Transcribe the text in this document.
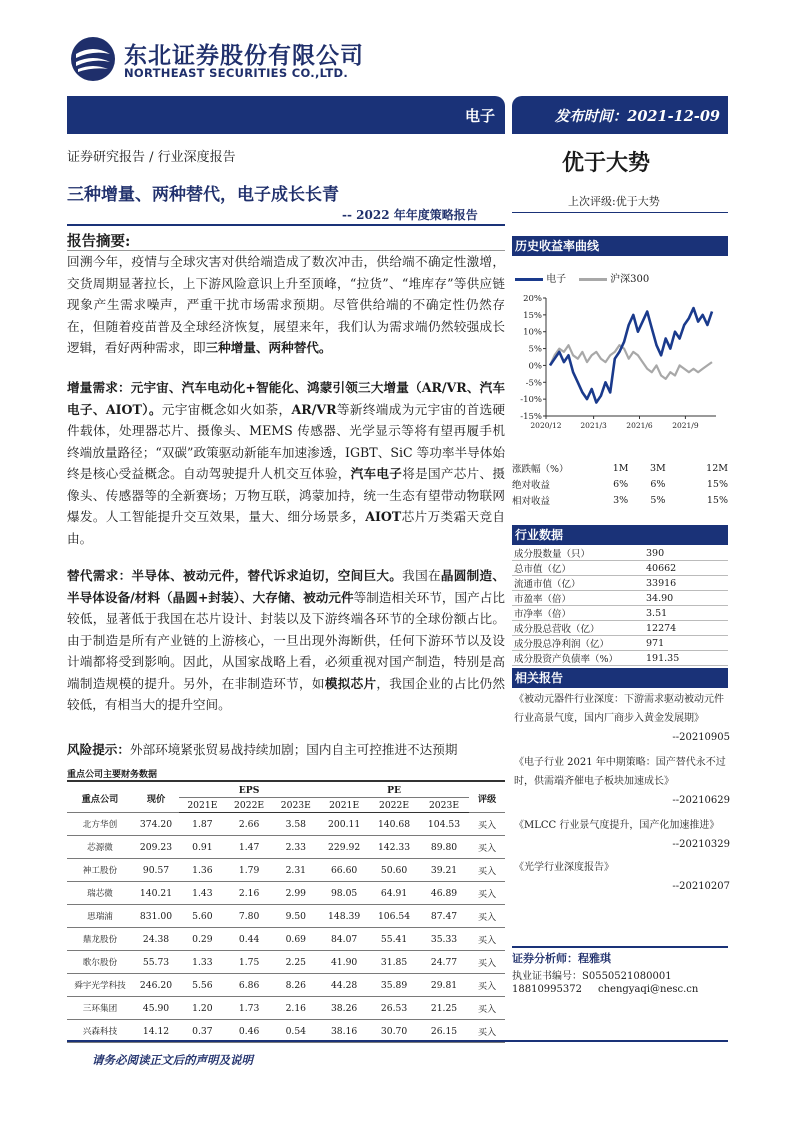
东北证券股份有限公司
NORTHEAST SECURITIES CO.,LTD.
电子	发布时间：2021-12-09
证券研究报告 / 行业深度报告	优于大势
三种增量、两种替代，电子成长长青
-- 2022 年年度策略报告
上次评级:优于大势
报告摘要:
回溯今年，疫情与全球灾害对供给端造成了数次冲击，供给端不确定性激增，交货周期显著拉长，上下游风险意识上升至顶峰，“拉货”、“堆库存”等供应链现象产生需求噪声，严重干扰市场需求预期。尽管供给端的不确定性仍然存在，但随着疫苗普及全球经济恢复，展望来年，我们认为需求端仍然较强成长逻辑，看好两种需求，即三种增量、两种替代。
增量需求：元宇宙、汽车电动化+智能化、鸿蒙引领三大增量（AR/VR、汽车电子、AIOT）。元宇宙概念如火如荼，AR/VR等新终端成为元宇宙的首选硬件载体，处理器芯片、摄像头、MEMS 传感器、光学显示等将有望再履手机终端放量路径；“双碳”政策驱动新能车加速渗透，IGBT、SiC 等功率半导体始终是核心受益概念。自动驾驶提升人机交互体验，汽车电子将是国产芯片、摄像头、传感器等的全新赛场；万物互联，鸿蒙加持，统一生态有望带动物联网爆发。人工智能提升交互效果，量大、细分场景多，AIOT芯片万类霜天竞自由。
替代需求：半导体、被动元件，替代诉求迫切，空间巨大。我国在晶圆制造、半导体设备/材料（晶圆+封装）、大存储、被动元件等制造相关环节，国产占比较低，显著低于我国在芯片设计、封装以及下游终端各环节的全球份额占比。由于制造是所有产业链的上游核心，一旦出现外海断供，任何下游环节以及设计端都将受到影响。因此，从国家战略上看，必须重视对国产制造，特别是高端制造规模的提升。另外，在非制造环节，如模拟芯片，我国企业的占比仍然较低，有相当大的提升空间。
风险提示：外部环境紧张贸易战持续加剧；国内自主可控推进不达预期
重点公司主要财务数据
重点公司	现价	EPS			PE			评级
		2021E	2022E	2023E	2021E	2022E	2023E	
北方华创	374.20	1.87	2.66	3.58	200.11	140.68	104.53	买入
芯源微	209.23	0.91	1.47	2.33	229.92	142.33	89.80	买入
神工股份	90.57	1.36	1.79	2.31	66.60	50.60	39.21	买入
瑞芯微	140.21	1.43	2.16	2.99	98.05	64.91	46.89	买入
思瑞浦	831.00	5.60	7.80	9.50	148.39	106.54	87.47	买入
鼎龙股份	24.38	0.29	0.44	0.69	84.07	55.41	35.33	买入
歌尔股份	55.73	1.33	1.75	2.25	41.90	31.85	24.77	买入
舜宇光学科技	246.20	5.56	6.86	8.26	44.28	35.89	29.81	买入
三环集团	45.90	1.20	1.73	2.16	38.26	26.53	21.25	买入
兴森科技	14.12	0.37	0.46	0.54	38.16	30.70	26.15	买入
历史收益率曲线
电子	沪深300
20%
15%
10%
5%
0%
-5%
-10%
-15%
2020/12	2021/3	2021/6	2021/9
涨跌幅（%）	1M	3M	12M
绝对收益	6%	6%	15%
相对收益	3%	5%	15%
行业数据
成分股数量（只）	390
总市值（亿）	40662
流通市值（亿）	33916
市盈率（倍）	34.90
市净率（倍）	3.51
成分股总营收（亿）	12274
成分股总净利润（亿）	971
成分股资产负债率（%）	191.35
相关报告
《被动元器件行业深度：下游需求驱动被动元件行业高景气度，国内厂商步入黄金发展期》
--20210905
《电子行业 2021 年中期策略：国产替代永不过时，供需端齐催电子板块加速成长》
--20210629
《MLCC 行业景气度提升，国产化加速推进》
--20210329
《光学行业深度报告》
--20210207
证券分析师：程雅琪
执业证书编号：S0550521080001
18810995372 chengyaqi@nesc.cn
请务必阅读正文后的声明及说明
